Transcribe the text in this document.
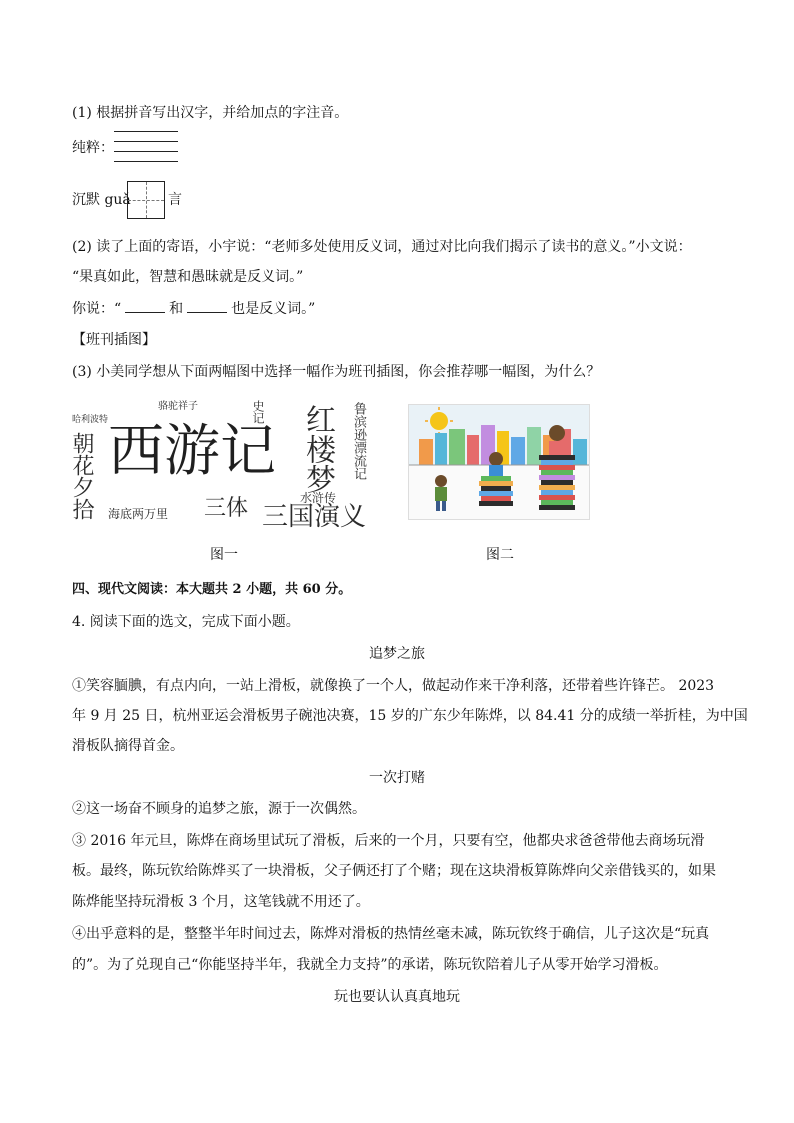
(1) 根据拼音写出汉字，并给加点的字注音。
纯粹：
沉默 guǎ	言
(2) 读了上面的寄语，小宇说：“老师多处使用反义词，通过对比向我们揭示了读书的意义。”小文说：
“果真如此，智慧和愚昧就是反义词。”
你说：“	和	也是反义词。”
【班刊插图】
(3) 小美同学想从下面两幅图中选择一幅作为班刊插图，你会推荐哪一幅图，为什么？
哈利波特
骆驼祥子	史记	鲁滨逊漂流记
朝花夕拾 西游记 红楼梦
水浒传
海底两万里 三体 三国演义
图一	图二
四、现代文阅读：本大题共 2 小题，共 60 分。
4. 阅读下面的选文，完成下面小题。
追梦之旅
①笑容腼腆，有点内向，一站上滑板，就像换了一个人，做起动作来干净利落，还带着些许锋芒。 2023
年 9 月 25 日，杭州亚运会滑板男子碗池决赛，15 岁的广东少年陈烨，以 84.41 分的成绩一举折桂，为中国
滑板队摘得首金。
一次打赌
②这一场奋不顾身的追梦之旅，源于一次偶然。
③ 2016 年元旦，陈烨在商场里试玩了滑板，后来的一个月，只要有空，他都央求爸爸带他去商场玩滑
板。最终，陈玩钦给陈烨买了一块滑板，父子俩还打了个赌；现在这块滑板算陈烨向父亲借钱买的，如果
陈烨能坚持玩滑板 3 个月，这笔钱就不用还了。
④出乎意料的是，整整半年时间过去，陈烨对滑板的热情丝毫未减，陈玩钦终于确信，儿子这次是“玩真
的”。为了兑现自己“你能坚持半年，我就全力支持”的承诺，陈玩钦陪着儿子从零开始学习滑板。
玩也要认认真真地玩
